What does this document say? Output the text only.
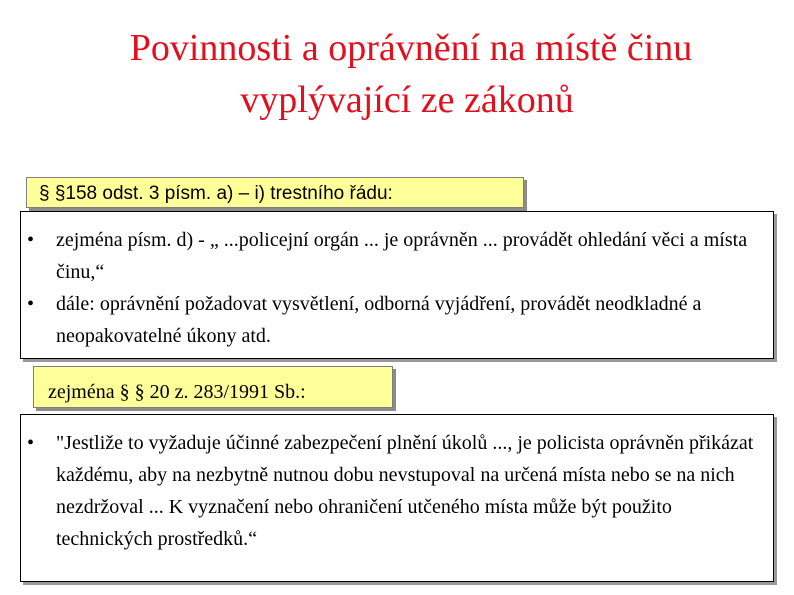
Povinnosti a oprávnění na místě činu
vyplývající ze zákonů
• zejména písm. d) - „ ...policejní orgán ... je oprávněn ... provádět ohledání věci a místa činu,“
• dále: oprávnění požadovat vysvětlení, odborná vyjádření, provádět neodkladné a neopakovatelné úkony atd.
§ §158 odst. 3 písm. a) – i) trestního řádu:
• "Jestliže to vyžaduje účinné zabezpečení plnění úkolů ..., je policista oprávněn přikázat každému, aby na nezbytně nutnou dobu nevstupoval na určená místa nebo se na nich nezdržoval ... K vyznačení nebo ohraničení utčeného místa může být použito technických prostředků.“
zejména § § 20 z. 283/1991 Sb.:
